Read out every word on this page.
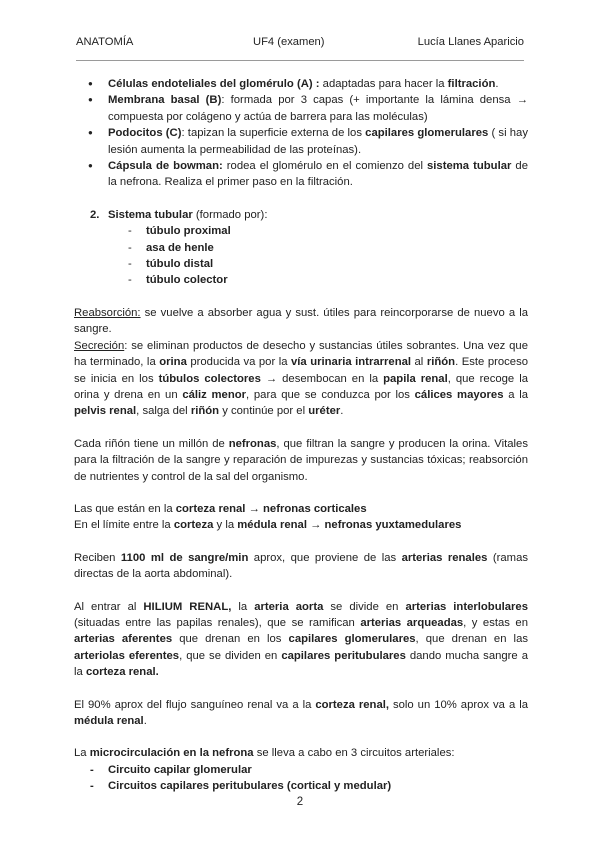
ANATOMÍA	UF4 (examen)	Lucía Llanes Aparicio
● Células endoteliales del glomérulo (A) : adaptadas para hacer la filtración.
● Membrana basal (B): formada por 3 capas (+ importante la lámina densa → compuesta por colágeno y actúa de barrera para las moléculas)
● Podocitos (C): tapizan la superficie externa de los capilares glomerulares ( si hay lesión aumenta la permeabilidad de las proteínas).
● Cápsula de bowman: rodea el glomérulo en el comienzo del sistema tubular de la nefrona. Realiza el primer paso en la filtración.
2. Sistema tubular (formado por):
- túbulo proximal
- asa de henle
- túbulo distal
- túbulo colector

Reabsorción: se vuelve a absorber agua y sust. útiles para reincorporarse de nuevo a la sangre.

Secreción: se eliminan productos de desecho y sustancias útiles sobrantes. Una vez que ha terminado, la orina producida va por la vía urinaria intrarrenal al riñón. Este proceso se inicia en los túbulos colectores → desembocan en la papila renal, que recoge la orina y drena en un cáliz menor, para que se conduzca por los cálices mayores a la pelvis renal, salga del riñón y continúe por el uréter.

Cada riñón tiene un millón de nefronas, que filtran la sangre y producen la orina. Vitales para la filtración de la sangre y reparación de impurezas y sustancias tóxicas; reabsorción de nutrientes y control de la sal del organismo.

Las que están en la corteza renal → nefronas corticales

En el límite entre la corteza y la médula renal → nefronas yuxtamedulares

Reciben 1100 ml de sangre/min aprox, que proviene de las arterias renales (ramas directas de la aorta abdominal).

Al entrar al HILIUM RENAL, la arteria aorta se divide en arterias interlobulares (situadas entre las papilas renales), que se ramifican arterias arqueadas, y estas en arterias aferentes que drenan en los capilares glomerulares, que drenan en las arteriolas eferentes, que se dividen en capilares peritubulares dando mucha sangre a la corteza renal.

El 90% aprox del flujo sanguíneo renal va a la corteza renal, solo un 10% aprox va a la médula renal.

La microcirculación en la nefrona se lleva a cabo en 3 circuitos arteriales:

- Circuito capilar glomerular
- Circuitos capilares peritubulares (cortical y medular)
2
